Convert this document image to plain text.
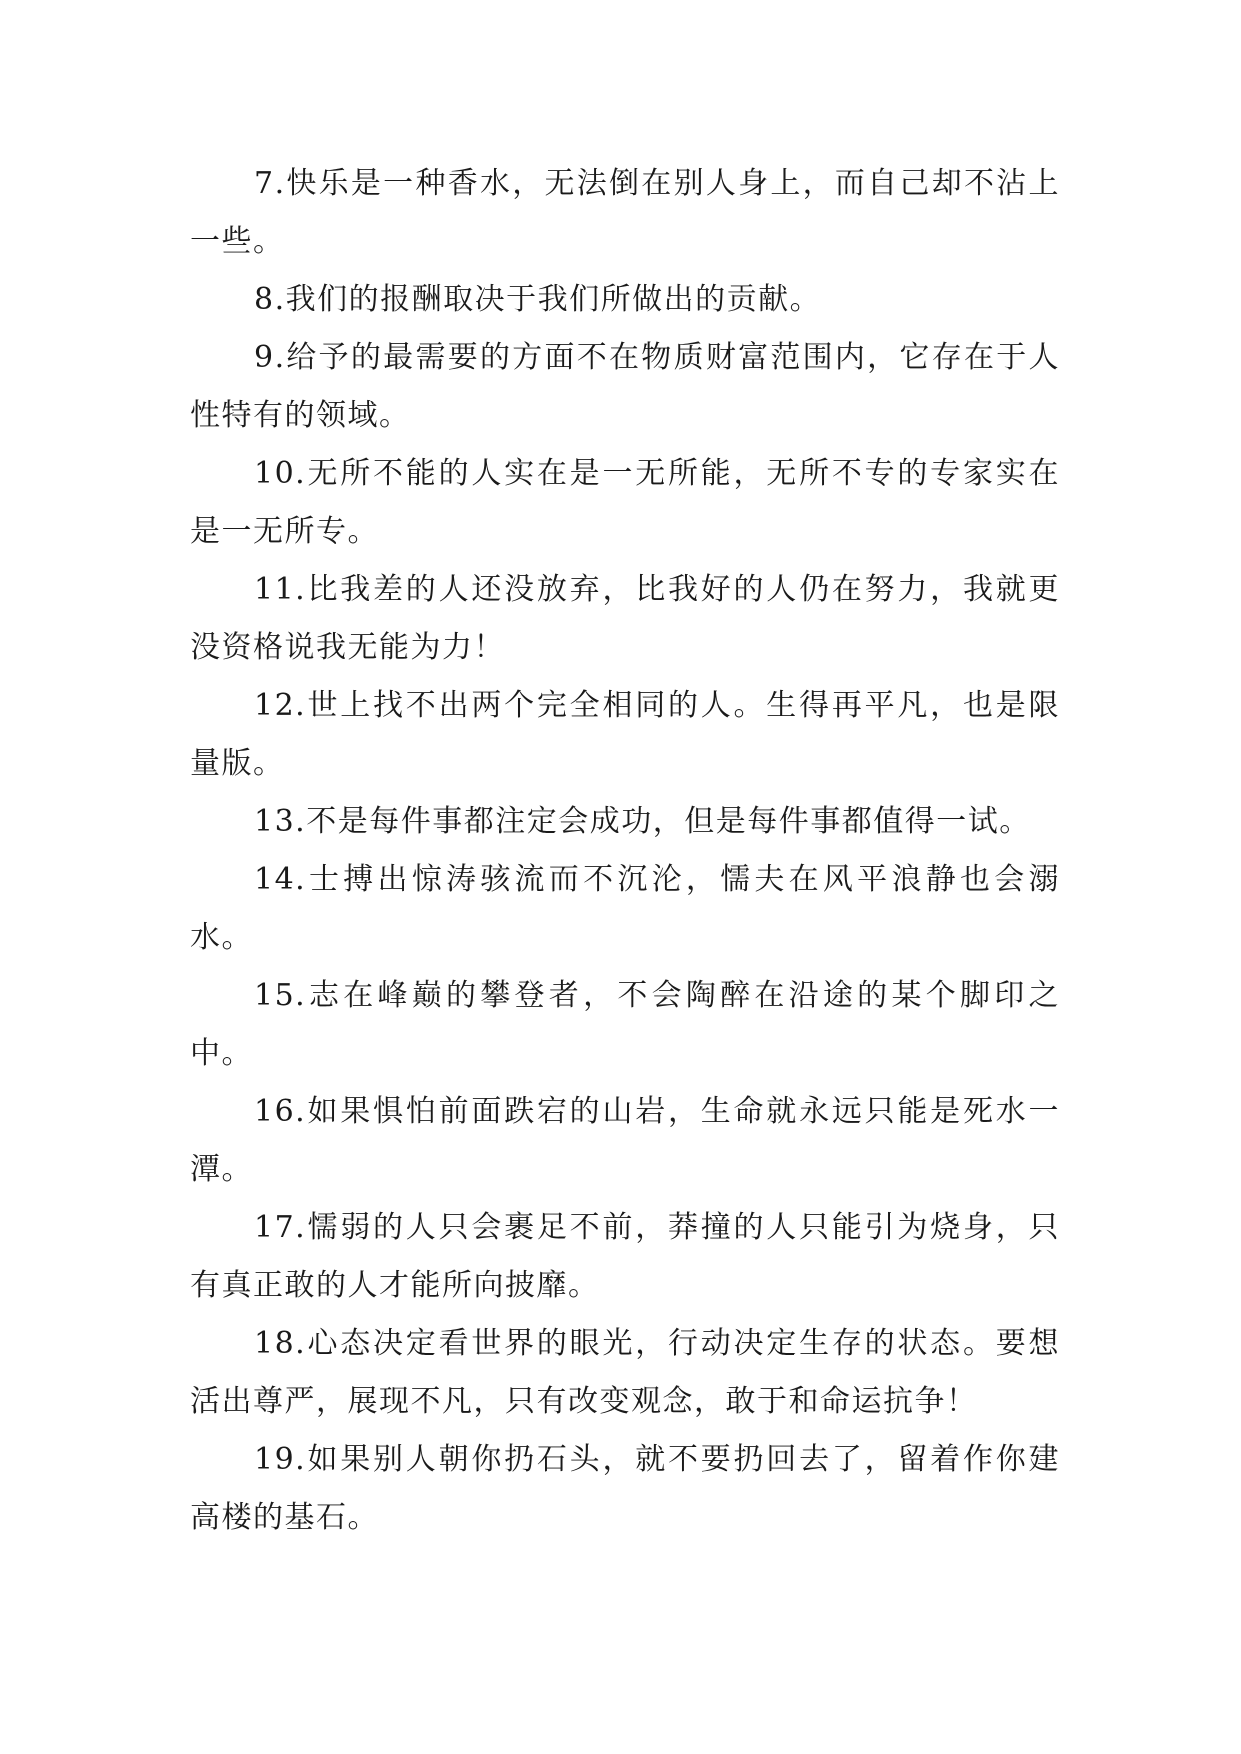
7.快乐是一种香水，无法倒在别人身上，而自己却不沾上一些。

8.我们的报酬取决于我们所做出的贡献。

9.给予的最需要的方面不在物质财富范围内，它存在于人性特有的领域。

10.无所不能的人实在是一无所能，无所不专的专家实在是一无所专。

11.比我差的人还没放弃，比我好的人仍在努力，我就更没资格说我无能为力！

12.世上找不出两个完全相同的人。生得再平凡，也是限量版。

13.不是每件事都注定会成功，但是每件事都值得一试。

14.士搏出惊涛骇流而不沉沦，懦夫在风平浪静也会溺水。

15.志在峰巅的攀登者，不会陶醉在沿途的某个脚印之中。

16.如果惧怕前面跌宕的山岩，生命就永远只能是死水一潭。

17.懦弱的人只会裹足不前，莽撞的人只能引为烧身，只有真正敢的人才能所向披靡。

18.心态决定看世界的眼光，行动决定生存的状态。要想活出尊严，展现不凡，只有改变观念，敢于和命运抗争！

19.如果别人朝你扔石头，就不要扔回去了，留着作你建高楼的基石。
